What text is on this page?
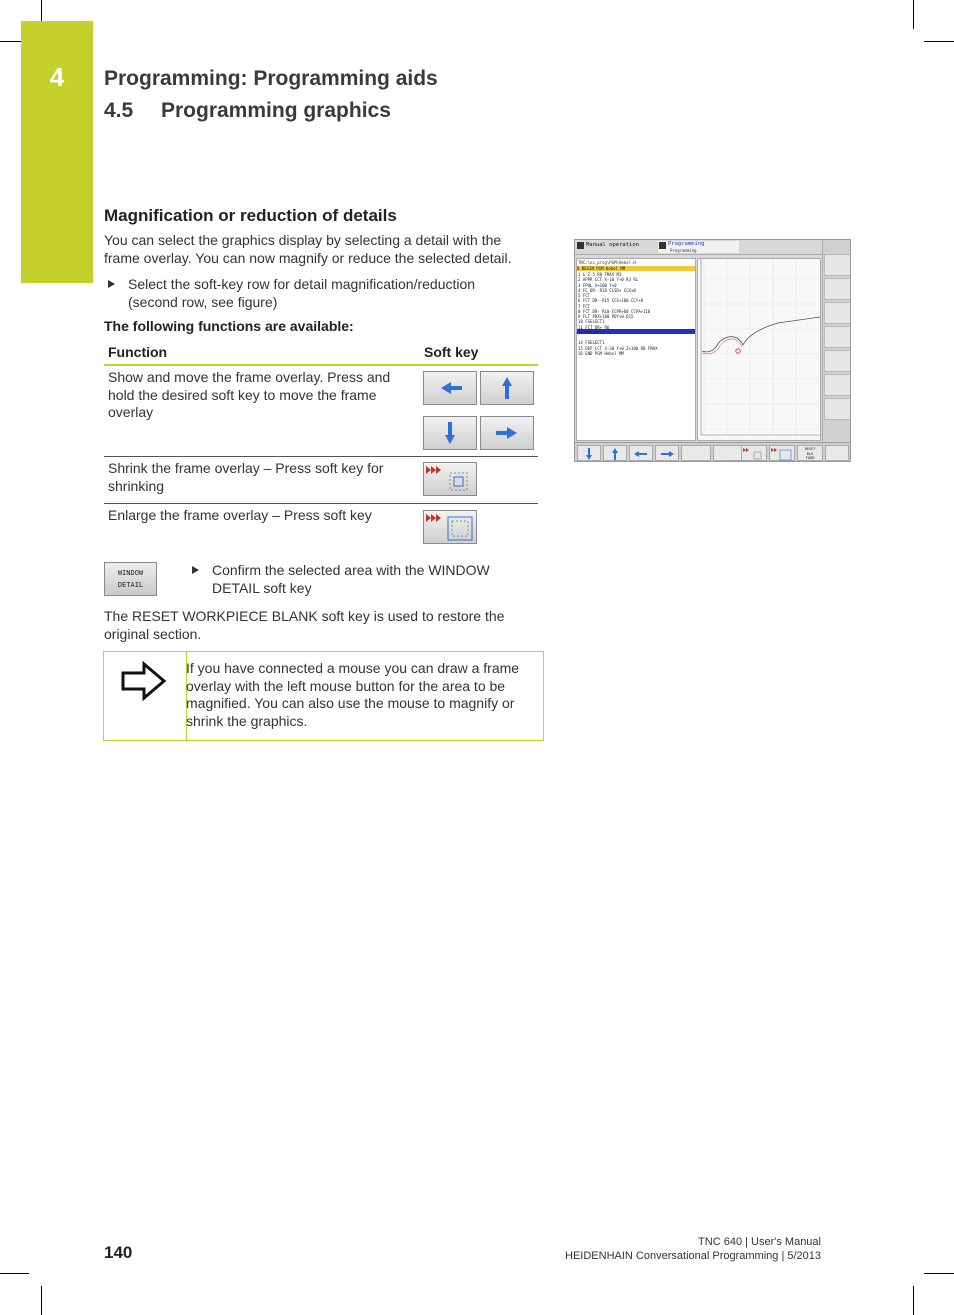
4	Programming: Programming aids
4.5 Programming graphics
Magnification or reduction of details
You can select the graphics display by selecting a detail with the frame overlay. You can now magnify or reduce the selected detail.
Select the soft-key row for detail magnification/reduction (second row, see figure)
The following functions are available:
Function	Soft key
Show and move the frame overlay. Press and hold the desired soft key to move the frame overlay
Shrink the frame overlay – Press soft key for shrinking
Enlarge the frame overlay – Press soft key
WINDOW
DETAIL
Confirm the selected area with the WINDOW DETAIL soft key
The RESET WORKPIECE BLANK soft key is used to restore the original section.
If you have connected a mouse you can draw a frame overlay with the left mouse button for the area to be magnified. You can also use the mouse to magnify or shrink the graphics.
Manual operation	Programming
Programming
TNC:\nc_prog\PGM\Hebel.H
0 BEGIN PGM Hebel MM
1 L Z-5 R0 FMAX M3
2 APPR LCT X-10 Y+0 R3 RL
3 FPOL X+100 Y+0
4 FC DR- R18 CLSD+ CCX+0
5 FCT
6 FCT DR- R15 CCX+100 CCY+0
7 FCT
8 FCT DR- R10 CCPR+60 CCPA+110
9 FLT PDX+100 PDY+0 D15
10 FSELECT1
11 FCT DR+ R6
12 FSELECT2
13 FCT DR- R18 CLSD- CCX+0 CCY+0
14 FSELECT1
15 DEP LCT X-30 Y+0 Z+100 R0 FMAX
16 END PGM Hebel MM
RESET
BLK
FORM
140
TNC 640 | User's Manual
HEIDENHAIN Conversational Programming | 5/2013
